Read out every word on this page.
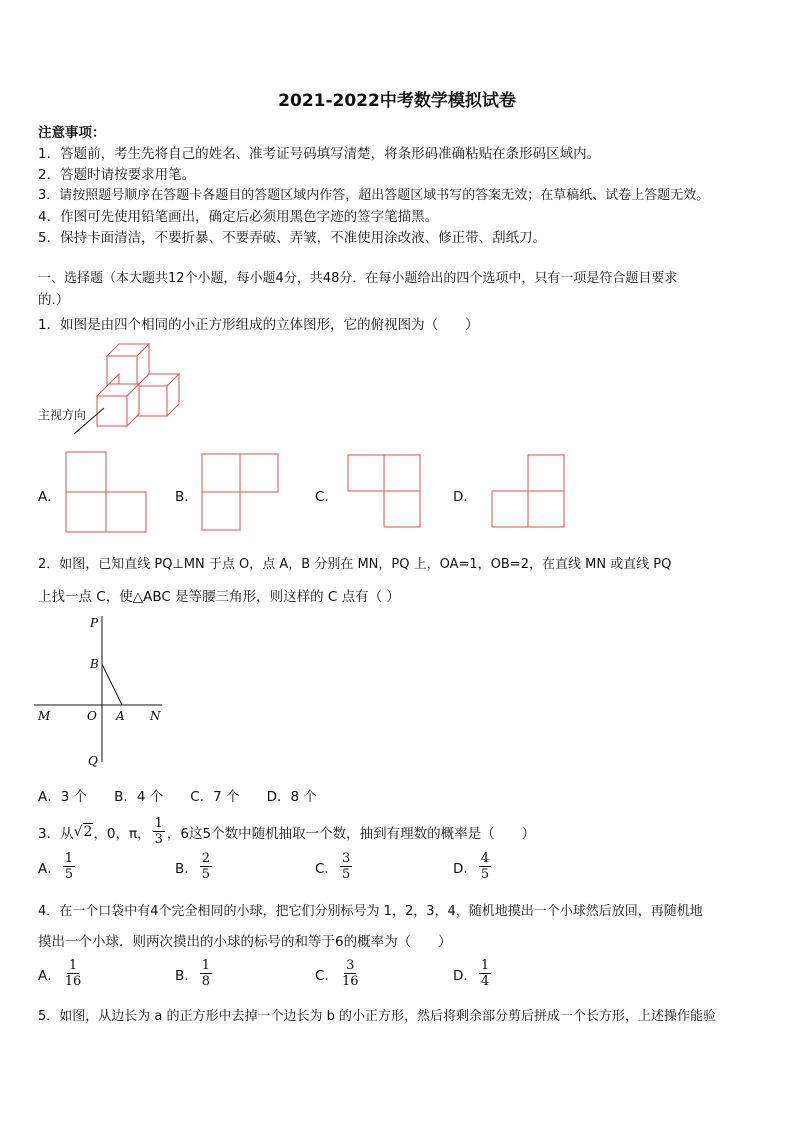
2021-2022中考数学模拟试卷
注意事项：
1．答题前，考生先将自己的姓名、准考证号码填写清楚，将条形码准确粘贴在条形码区域内。
2．答题时请按要求用笔。
3．请按照题号顺序在答题卡各题目的答题区域内作答，超出答题区域书写的答案无效；在草稿纸、试卷上答题无效。
4．作图可先使用铅笔画出，确定后必须用黑色字迹的签字笔描黑。
5．保持卡面清洁，不要折暴、不要弄破、弄皱，不准使用涂改液、修正带、刮纸刀。
一、选择题（本大题共12个小题，每小题4分，共48分．在每小题给出的四个选项中，只有一项是符合题目要求
的.）
1．如图是由四个相同的小正方形组成的立体图形，它的俯视图为（　　）
主视方向
A．	B．	C．	D．
2．如图，已知直线 PQ⊥MN 于点 O，点 A，B 分别在 MN，PQ 上，OA=1，OB=2，在直线 MN 或直线 PQ
上找一点 C，使△ABC 是等腰三角形，则这样的 C 点有（ ）
P
B
M	O A N
Q
A．3 个　　B．4 个　　C．7 个　　D．8 个
3．从 √2 ，0，π， $\frac{1}{3}$ ，6这5个数中随机抽取一个数，抽到有理数的概率是（　　）
A． $\frac{1}{5}$	B． $\frac{2}{5}$	C． $\frac{3}{5}$	D． $\frac{4}{5}$
4．在一个口袋中有4个完全相同的小球，把它们分别标号为 1，2，3，4，随机地摸出一个小球然后放回，再随机地
摸出一个小球．则两次摸出的小球的标号的和等于6的概率为（　　）
A． $\frac{1}{16}$	B． $\frac{1}{8}$	C． $\frac{3}{16}$	D． $\frac{1}{4}$
5．如图，从边长为 a 的正方形中去掉一个边长为 b 的小正方形，然后将剩余部分剪后拼成一个长方形，上述操作能验
